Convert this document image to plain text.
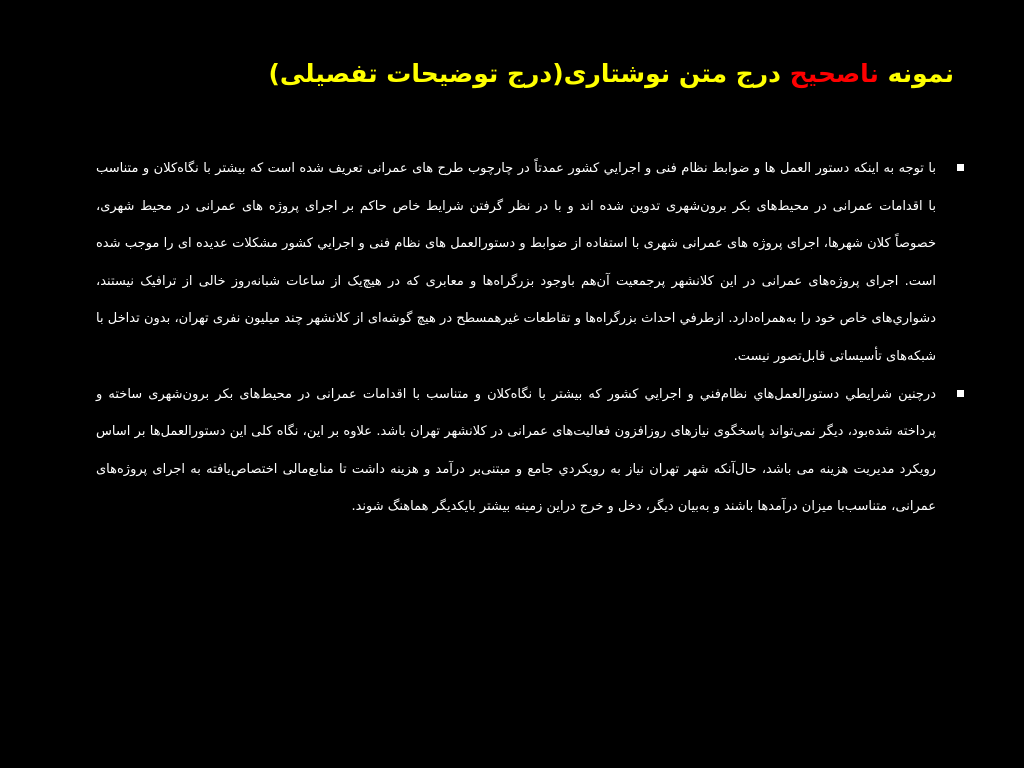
نمونه ناصحیح درج متن نوشتاری(درج توضیحات تفصیلی)
با توجه به اینکه دستور العمل ها و ضوابط نظام فنی و اجرايي کشور عمدتاً در چارچوب طرح های عمرانی تعریف شده است که بیشتر با نگاه‌کلان و متناسب با اقدامات عمرانی در محیط‌های بکر برون‌شهری تدوین شده اند و با در نظر گرفتن شرایط خاص حاکم بر اجرای پروژه های عمرانی در محیط شهری، خصوصاً کلان شهرها، اجرای پروژه های عمرانی شهری با استفاده از ضوابط و دستورالعمل های نظام فنی و اجرايي کشور مشکلات عدیده ای را موجب شده است. اجرای پروژه‌های عمرانی در این کلانشهر پرجمعیت آن‌هم باوجود بزرگراه‌ها و معابری که در هیچ‌یک از ساعات شبانه‌روز خالی از ترافیک نیستند، دشواري‌های خاص خود را به‌همراه‌دارد. ازطرفي احداث بزرگراه‌ها و تقاطعات غیرهمسطح در هیچ گوشه‌ای از کلانشهر چند میلیون نفری تهران، بدون تداخل با شبکه‌های تأسیساتی قابل‌تصور نیست.
درچنین شرایطي دستورالعمل‌هاي نظام‌فني و اجرايي کشور که بیشتر با نگاه‌کلان و متناسب با اقدامات عمرانی در محیط‌های بکر برون‌شهری ساخته و پرداخته شده‌بود، دیگر نمی‌تواند پاسخگوی نیازهای روزافزون فعالیت‌های عمرانی در کلانشهر تهران باشد. علاوه بر این، نگاه کلی این دستورالعمل‌ها بر اساس رویکرد مدیریت هزینه می باشد، حال‌آنکه شهر تهران نیاز به رویکردي جامع و مبتنی‌بر درآمد و هزینه داشت تا منابع‌مالی اختصاص‌یافته به اجرای پروژه‌های عمرانی، متناسب‌با میزان درآمدها باشند و به‌بیان دیگر، دخل و خرج دراین زمینه بیشتر بایکدیگر هماهنگ شوند.
